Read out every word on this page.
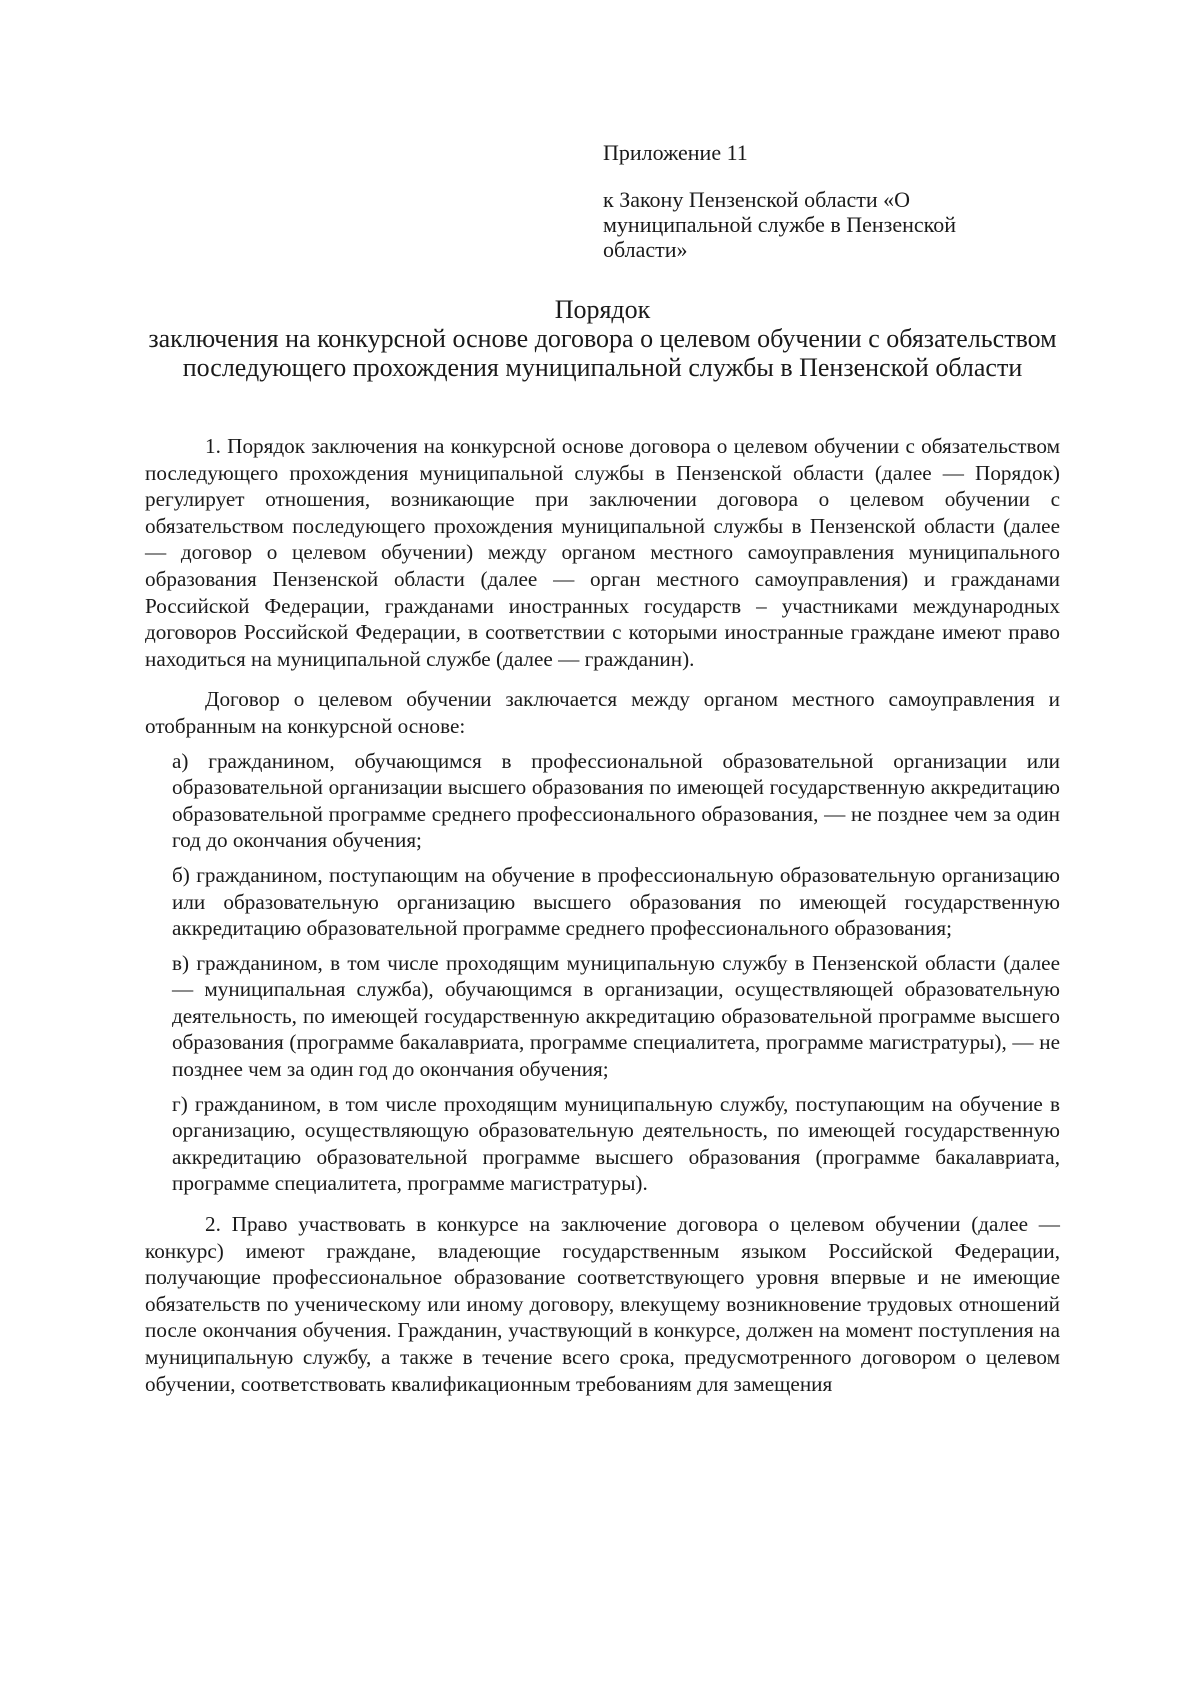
Приложение 11

к Закону Пензенской области «О муниципальной службе в Пензенской области»

Порядок

заключения на конкурсной основе договора о целевом обучении с обязательством последующего прохождения муниципальной службы в Пензенской области

1. Порядок заключения на конкурсной основе договора о целевом обучении с обязательством последующего прохождения муниципальной службы в Пензенской области (далее — Порядок) регулирует отношения, возникающие при заключении договора о целевом обучении с обязательством последующего прохождения муниципальной службы в Пензенской области (далее — договор о целевом обучении) между органом местного самоуправления муниципального образования Пензенской области (далее — орган местного самоуправления) и гражданами Российской Федерации, гражданами иностранных государств – участниками международных договоров Российской Федерации, в соответствии с которыми иностранные граждане имеют право находиться на муниципальной службе (далее — гражданин).

Договор о целевом обучении заключается между органом местного самоуправления и отобранным на конкурсной основе:

а) гражданином, обучающимся в профессиональной образовательной организации или образовательной организации высшего образования по имеющей государственную аккредитацию образовательной программе среднего профессионального образования, — не позднее чем за один год до окончания обучения;

б) гражданином, поступающим на обучение в профессиональную образовательную организацию или образовательную организацию высшего образования по имеющей государственную аккредитацию образовательной программе среднего профессионального образования;

в) гражданином, в том числе проходящим муниципальную службу в Пензенской области (далее — муниципальная служба), обучающимся в организации, осуществляющей образовательную деятельность, по имеющей государственную аккредитацию образовательной программе высшего образования (программе бакалавриата, программе специалитета, программе магистратуры), — не позднее чем за один год до окончания обучения;

г) гражданином, в том числе проходящим муниципальную службу, поступающим на обучение в организацию, осуществляющую образовательную деятельность, по имеющей государственную аккредитацию образовательной программе высшего образования (программе бакалавриата, программе специалитета, программе магистратуры).

2. Право участвовать в конкурсе на заключение договора о целевом обучении (далее — конкурс) имеют граждане, владеющие государственным языком Российской Федерации, получающие профессиональное образование соответствующего уровня впервые и не имеющие обязательств по ученическому или иному договору, влекущему возникновение трудовых отношений после окончания обучения. Гражданин, участвующий в конкурсе, должен на момент поступления на муниципальную службу, а также в течение всего срока, предусмотренного договором о целевом обучении, соответствовать квалификационным требованиям для замещения
